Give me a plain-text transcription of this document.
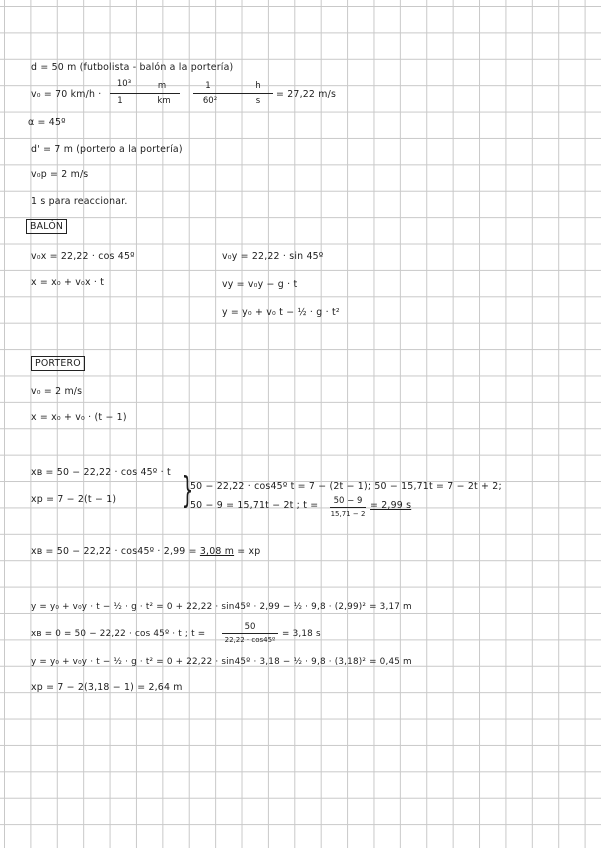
d = 50 m (futbolista - balón a la portería)
v₀ = 70 km/h ·
10³	m
1	km
1	h
60²	s
= 27,22 m/s
α = 45º
d' = 7 m (portero a la portería)
v₀p = 2 m/s
1 s para reaccionar.
BALÓN
v₀x = 22,22 · cos 45º
x = x₀ + v₀x · t
v₀y = 22,22 · sin 45º
vy = v₀y − g · t
y = y₀ + v₀ t − ½ · g · t²
PORTERO
v₀ = 2 m/s
x = x₀ + v₀ · (t − 1)
xʙ = 50 − 22,22 · cos 45º · t
xp = 7 − 2(t − 1) }
50 − 22,22 · cos45º t = 7 − (2t − 1); 50 − 15,71t = 7 − 2t + 2;
50 − 9 = 15,71t − 2t ; t =	50 − 9
15,71 − 2
= 2,99 s
xʙ = 50 − 22,22 · cos45º · 2,99 = 3,08 m = xp
y = y₀ + v₀y · t − ½ · g · t² = 0 + 22,22 · sin45º · 2,99 − ½ · 9,8 · (2,99)² = 3,17 m
xʙ = 0 = 50 − 22,22 · cos 45º · t ; t =
50
22,22 · cos45º
= 3,18 s
y = y₀ + v₀y · t − ½ · g · t² = 0 + 22,22 · sin45º · 3,18 − ½ · 9,8 · (3,18)² = 0,45 m
xp = 7 − 2(3,18 − 1) = 2,64 m
